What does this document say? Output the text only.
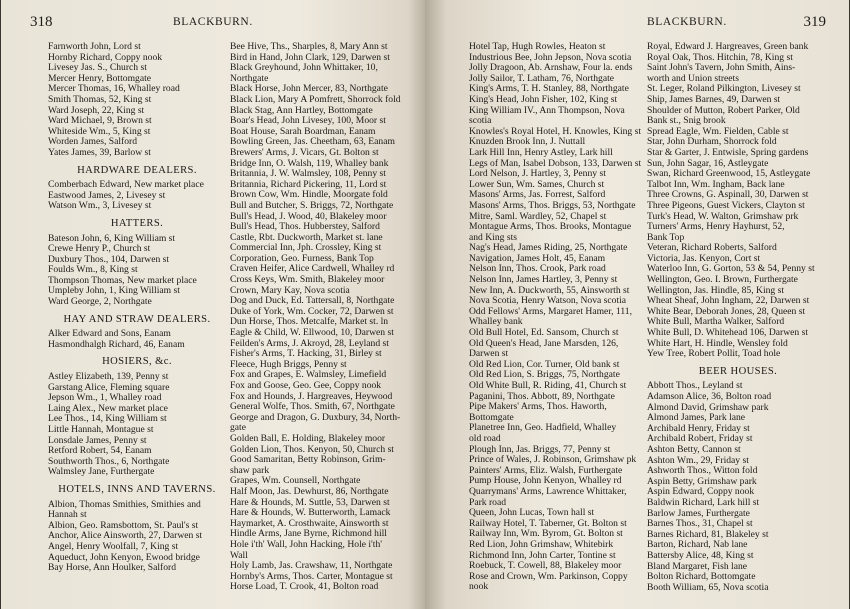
318	BLACKBURN.
Farnworth John, Lord st
Hornby Richard, Coppy nook
Livesey Jas. S., Church st
Mercer Henry, Bottomgate
Mercer Thomas, 16, Whalley road
Smith Thomas, 52, King st
Ward Joseph, 22, King st
Ward Michael, 9, Brown st
Whiteside Wm., 5, King st
Worden James, Salford
Yates James, 39, Barlow st
HARDWARE DEALERS.
Comberbach Edward, New market place
Eastwood James, 2, Livesey st
Watson Wm., 3, Livesey st
HATTERS.
Bateson John, 6, King William st
Crewe Henry P., Church st
Duxbury Thos., 104, Darwen st
Foulds Wm., 8, King st
Thompson Thomas, New market place
Umpleby John, 1, King William st
Ward George, 2, Northgate
HAY AND STRAW DEALERS.
Alker Edward and Sons, Eanam
Hasmondhalgh Richard, 46, Eanam
HOSIERS, &c.
Astley Elizabeth, 139, Penny st
Garstang Alice, Fleming square
Jepson Wm., 1, Whalley road
Laing Alex., New market place
Lee Thos., 14, King William st
Little Hannah, Montague st
Lonsdale James, Penny st
Retford Robert, 54, Eanam
Southworth Thos., 6, Northgate
Walmsley Jane, Furthergate
HOTELS, INNS AND TAVERNS.
Albion, Thomas Smithies, Smithies and
Hannah st
Albion, Geo. Ramsbottom, St. Paul's st
Anchor, Alice Ainsworth, 27, Darwen st
Angel, Henry Woolfall, 7, King st
Aqueduct, John Kenyon, Ewood bridge
Bay Horse, Ann Houlker, Salford
Bee Hive, Ths., Sharples, 8, Mary Ann st
Bird in Hand, John Clark, 129, Darwen st
Black Greyhound, John Whittaker, 10,
Northgate
Black Horse, John Mercer, 83, Northgate
Black Lion, Mary A Pomfrett, Shorrock fold
Black Stag, Ann Hartley, Bottomgate
Boar's Head, John Livesey, 100, Moor st
Boat House, Sarah Boardman, Eanam
Bowling Green, Jas. Cheetham, 63, Eanam
Brewers' Arms, J. Vicars, Gt. Bolton st
Bridge Inn, O. Walsh, 119, Whalley bank
Britannia, J. W. Walmsley, 108, Penny st
Britannia, Richard Pickering, 11, Lord st
Brown Cow, Wm. Hindle, Moorgate fold
Bull and Butcher, S. Briggs, 72, Northgate
Bull's Head, J. Wood, 40, Blakeley moor
Bull's Head, Thos. Hubberstey, Salford
Castle, Rbt. Duckworth, Market st. lane
Commercial Inn, Jph. Crossley, King st
Corporation, Geo. Furness, Bank Top
Craven Heifer, Alice Cardwell, Whalley rd
Cross Keys, Wm. Smith, Blakeley moor
Crown, Mary Kay, Nova scotia
Dog and Duck, Ed. Tattersall, 8, Northgate
Duke of York, Wm. Cocker, 72, Darwen st
Dun Horse, Thos. Metcalfe, Market st. ln
Eagle & Child, W. Ellwood, 10, Darwen st
Feilden's Arms, J. Akroyd, 28, Leyland st
Fisher's Arms, T. Hacking, 31, Birley st
Fleece, Hugh Briggs, Penny st
Fox and Grapes, E. Walmsley, Limefield
Fox and Goose, Geo. Gee, Coppy nook
Fox and Hounds, J. Hargreaves, Heywood
General Wolfe, Thos. Smith, 67, Northgate
George and Dragon, G. Duxbury, 34, North-
gate
Golden Ball, E. Holding, Blakeley moor
Golden Lion, Thos. Kenyon, 50, Church st
Good Samaritan, Betty Robinson, Grim-
shaw park
Grapes, Wm. Counsell, Northgate
Half Moon, Jas. Dewhurst, 86, Northgate
Hare & Hounds, M. Suttle, 53, Darwen st
Hare & Hounds, W. Butterworth, Lamack
Haymarket, A. Crosthwaite, Ainsworth st
Hindle Arms, Jane Byrne, Richmond hill
Hole i'th' Wall, John Hacking, Hole i'th'
Wall
Holy Lamb, Jas. Crawshaw, 11, Northgate
Hornby's Arms, Thos. Carter, Montague st
Horse Load, T. Crook, 41, Bolton road
BLACKBURN.	319
Hotel Tap, Hugh Rowles, Heaton st
Industrious Bee, John Jepson, Nova scotia
Jolly Dragoon, Ab. Arnshaw, Four la. ends
Jolly Sailor, T. Latham, 76, Northgate
King's Arms, T. H. Stanley, 88, Northgate
King's Head, John Fisher, 102, King st
King William IV., Ann Thompson, Nova
scotia
Knowles's Royal Hotel, H. Knowles, King st
Knuzden Brook Inn, J. Nuttall
Lark Hill Inn, Henry Astley, Lark hill
Legs of Man, Isabel Dobson, 133, Darwen st
Lord Nelson, J. Hartley, 3, Penny st
Lower Sun, Wm. Sames, Church st
Masons' Arms, Jas. Forrest, Salford
Masons' Arms, Thos. Briggs, 53, Northgate
Mitre, Saml. Wardley, 52, Chapel st
Montague Arms, Thos. Brooks, Montague
and King sts
Nag's Head, James Riding, 25, Northgate
Navigation, James Holt, 45, Eanam
Nelson Inn, Thos. Crook, Park road
Nelson Inn, James Hartley, 3, Penny st
New Inn, A. Duckworth, 55, Ainsworth st
Nova Scotia, Henry Watson, Nova scotia
Odd Fellows' Arms, Margaret Hamer, 111,
Whalley bank
Old Bull Hotel, Ed. Sansom, Church st
Old Queen's Head, Jane Marsden, 126,
Darwen st
Old Red Lion, Cor. Turner, Old bank st
Old Red Lion, S. Briggs, 75, Northgate
Old White Bull, R. Riding, 41, Church st
Paganini, Thos. Abbott, 89, Northgate
Pipe Makers' Arms, Thos. Haworth,
Bottomgate
Planetree Inn, Geo. Hadfield, Whalley
old road
Plough Inn, Jas. Briggs, 77, Penny st
Prince of Wales, J. Robinson, Grimshaw pk
Painters' Arms, Eliz. Walsh, Furthergate
Pump House, John Kenyon, Whalley rd
Quarrymans' Arms, Lawrence Whittaker,
Park road
Queen, John Lucas, Town hall st
Railway Hotel, T. Taberner, Gt. Bolton st
Railway Inn, Wm. Byrom, Gt. Bolton st
Red Lion, John Grimshaw, Whitebirk
Richmond Inn, John Carter, Tontine st
Roebuck, T. Cowell, 88, Blakeley moor
Rose and Crown, Wm. Parkinson, Coppy
nook
Royal, Edward J. Hargreaves, Green bank
Royal Oak, Thos. Hitchin, 78, King st
Saint John's Tavern, John Smith, Ains-
worth and Union streets
St. Leger, Roland Pilkington, Livesey st
Ship, James Barnes, 49, Darwen st
Shoulder of Mutton, Robert Parker, Old
Bank st., Snig brook
Spread Eagle, Wm. Fielden, Cable st
Star, John Durham, Shorrock fold
Star & Garter, J. Entwisle, Spring gardens
Sun, John Sagar, 16, Astleygate
Swan, Richard Greenwood, 15, Astleygate
Talbot Inn, Wm. Ingham, Back lane
Three Crowns, G. Aspinall, 30, Darwen st
Three Pigeons, Guest Vickers, Clayton st
Turk's Head, W. Walton, Grimshaw prk
Turners' Arms, Henry Hayhurst, 52,
Bank Top
Veteran, Richard Roberts, Salford
Victoria, Jas. Kenyon, Cort st
Waterloo Inn, G. Gorton, 53 & 54, Penny st
Wellington, Geo. I. Brown, Furthergate
Wellington, Jas. Hindle, 85, King st
Wheat Sheaf, John Ingham, 22, Darwen st
White Bear, Deborah Jones, 28, Queen st
White Bull, Martha Walker, Salford
White Bull, D. Whitehead 106, Darwen st
White Hart, H. Hindle, Wensley fold
Yew Tree, Robert Pollit, Toad hole
BEER HOUSES.
Abbott Thos., Leyland st
Adamson Alice, 36, Bolton road
Almond David, Grimshaw park
Almond James, Park lane
Archibald Henry, Friday st
Archibald Robert, Friday st
Ashton Betty, Cannon st
Ashton Wm., 29, Friday st
Ashworth Thos., Witton fold
Aspin Betty, Grimshaw park
Aspin Edward, Coppy nook
Baldwin Richard, Lark hill st
Barlow James, Furthergate
Barnes Thos., 31, Chapel st
Barnes Richard, 81, Blakeley st
Barton, Richard, Nab lane
Battersby Alice, 48, King st
Bland Margaret, Fish lane
Bolton Richard, Bottomgate
Booth William, 65, Nova scotia
